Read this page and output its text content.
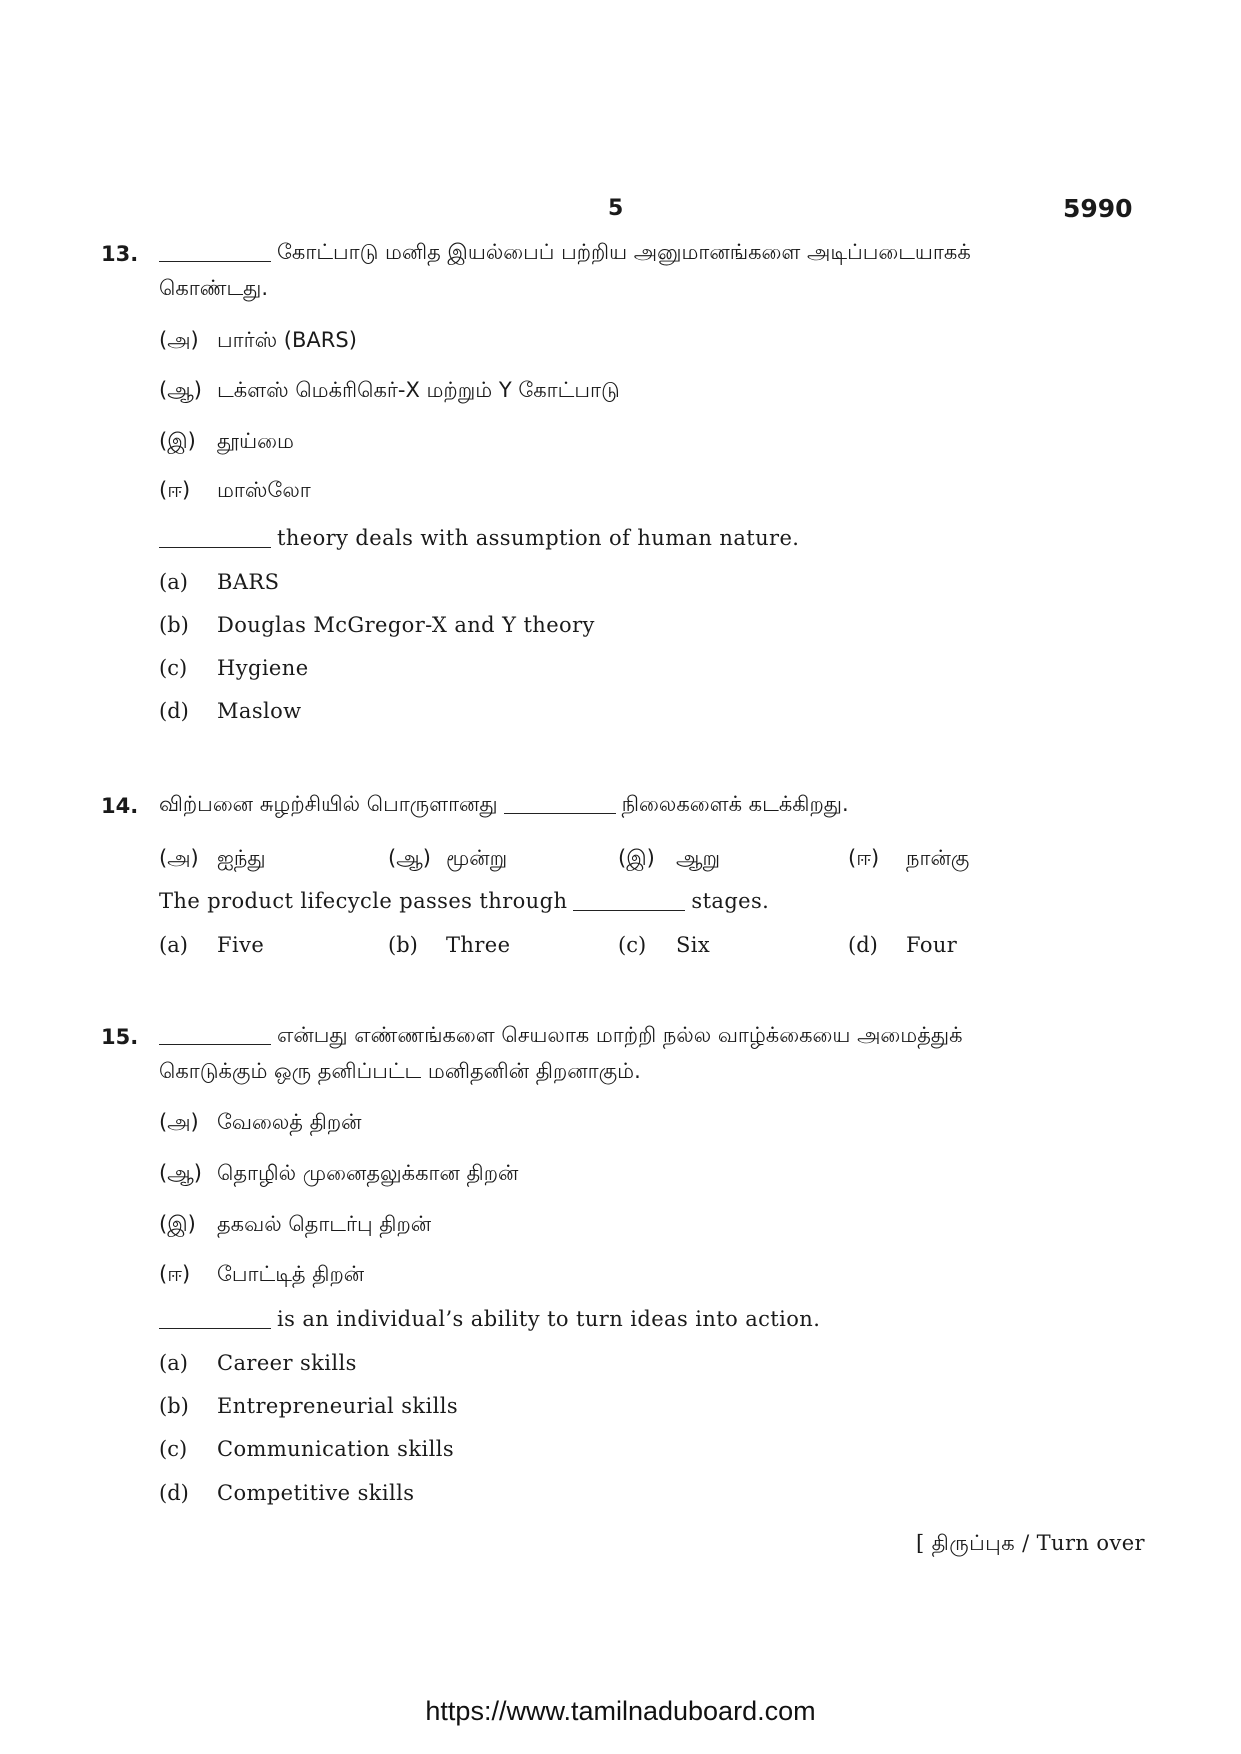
5	5990
13.	கோட்பாடு மனித இயல்பைப் பற்றிய அனுமானங்களை அடிப்படையாகக்
கொண்டது.
(அ) பார்ஸ் (BARS)
(ஆ) டக்ளஸ் மெக்ரிகெர்-X மற்றும் Y கோட்பாடு
(இ) தூய்மை
(ஈ) மாஸ்லோ
theory deals with assumption of human nature.
(a) BARS
(b) Douglas McGregor-X and Y theory
(c) Hygiene
(d) Maslow
14. விற்பனை சுழற்சியில் பொருளானது	நிலைகளைக் கடக்கிறது.
(அ) ஐந்து	(ஆ) மூன்று	(இ) ஆறு	(ஈ) நான்கு
The product lifecycle passes through	stages.
(a) Five	(b) Three	(c) Six	(d) Four
15.	என்பது எண்ணங்களை செயலாக மாற்றி நல்ல வாழ்க்கையை அமைத்துக்
கொடுக்கும் ஒரு தனிப்பட்ட மனிதனின் திறனாகும்.
(அ) வேலைத் திறன்
(ஆ) தொழில் முனைதலுக்கான திறன்
(இ) தகவல் தொடர்பு திறன்
(ஈ) போட்டித் திறன்
is an individual’s ability to turn ideas into action.
(a) Career skills
(b) Entrepreneurial skills
(c) Communication skills
(d) Competitive skills
[ திருப்புக / Turn over
https://www.tamilnaduboard.com
